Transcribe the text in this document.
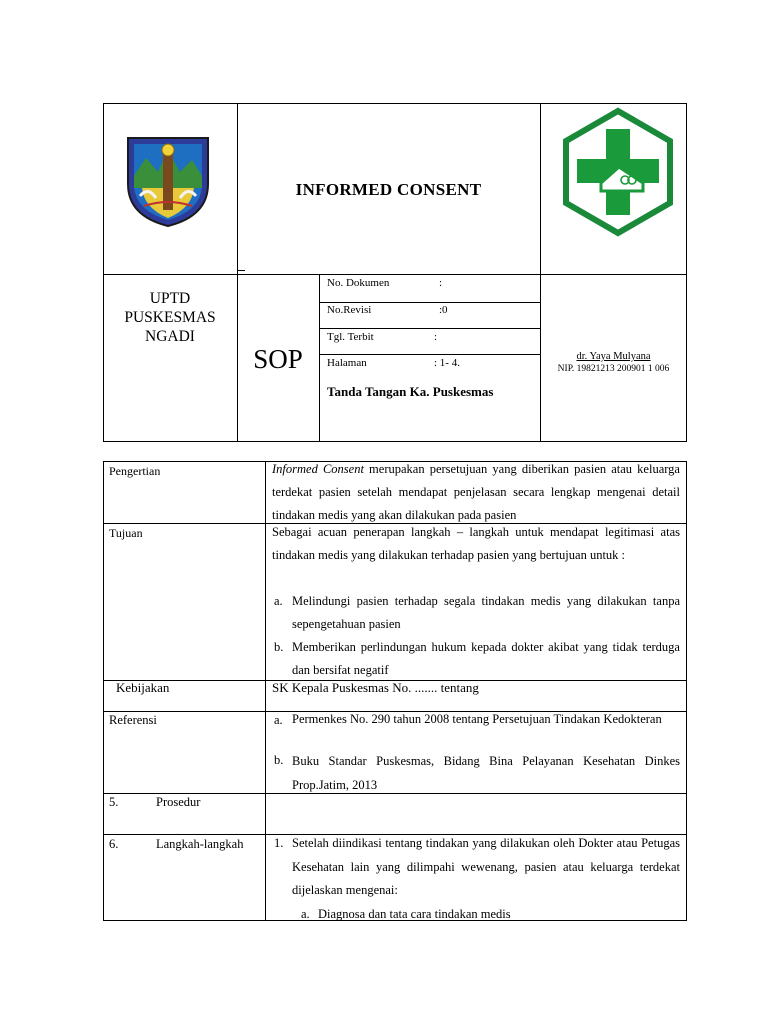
INFORMED CONSENT
UPTD
PUSKESMAS
NGADI
SOP
No. Dokumen	:
No.Revisi	:0
Tgl. Terbit	:
Halaman	: 1- 4.
Tanda Tangan Ka. Puskesmas
dr. Yaya Mulyana
NIP. 19821213 200901 1 006
Pengertian	Informed Consent merupakan persetujuan yang diberikan pasien atau keluarga terdekat pasien setelah mendapat penjelasan secara lengkap mengenai detail tindakan medis yang akan dilakukan pada pasien
Tujuan	Sebagai acuan penerapan langkah – langkah untuk mendapat legitimasi atas tindakan medis yang dilakukan terhadap pasien yang bertujuan untuk :
a. Melindungi pasien terhadap segala tindakan medis yang dilakukan tanpa sepengetahuan pasien
b. Memberikan perlindungan hukum kepada dokter akibat yang tidak terduga dan bersifat negatif
Kebijakan	SK Kepala Puskesmas No. ....... tentang
Referensi	a. Permenkes No. 290 tahun 2008 tentang Persetujuan Tindakan Kedokteran
b. Buku Standar Puskesmas, Bidang Bina Pelayanan Kesehatan Dinkes Prop.Jatim, 2013
5.	Prosedur
6.	Langkah-langkah 1. Setelah diindikasi tentang tindakan yang dilakukan oleh Dokter atau Petugas Kesehatan lain yang dilimpahi wewenang, pasien atau keluarga terdekat dijelaskan mengenai:
a. Diagnosa dan tata cara tindakan medis
